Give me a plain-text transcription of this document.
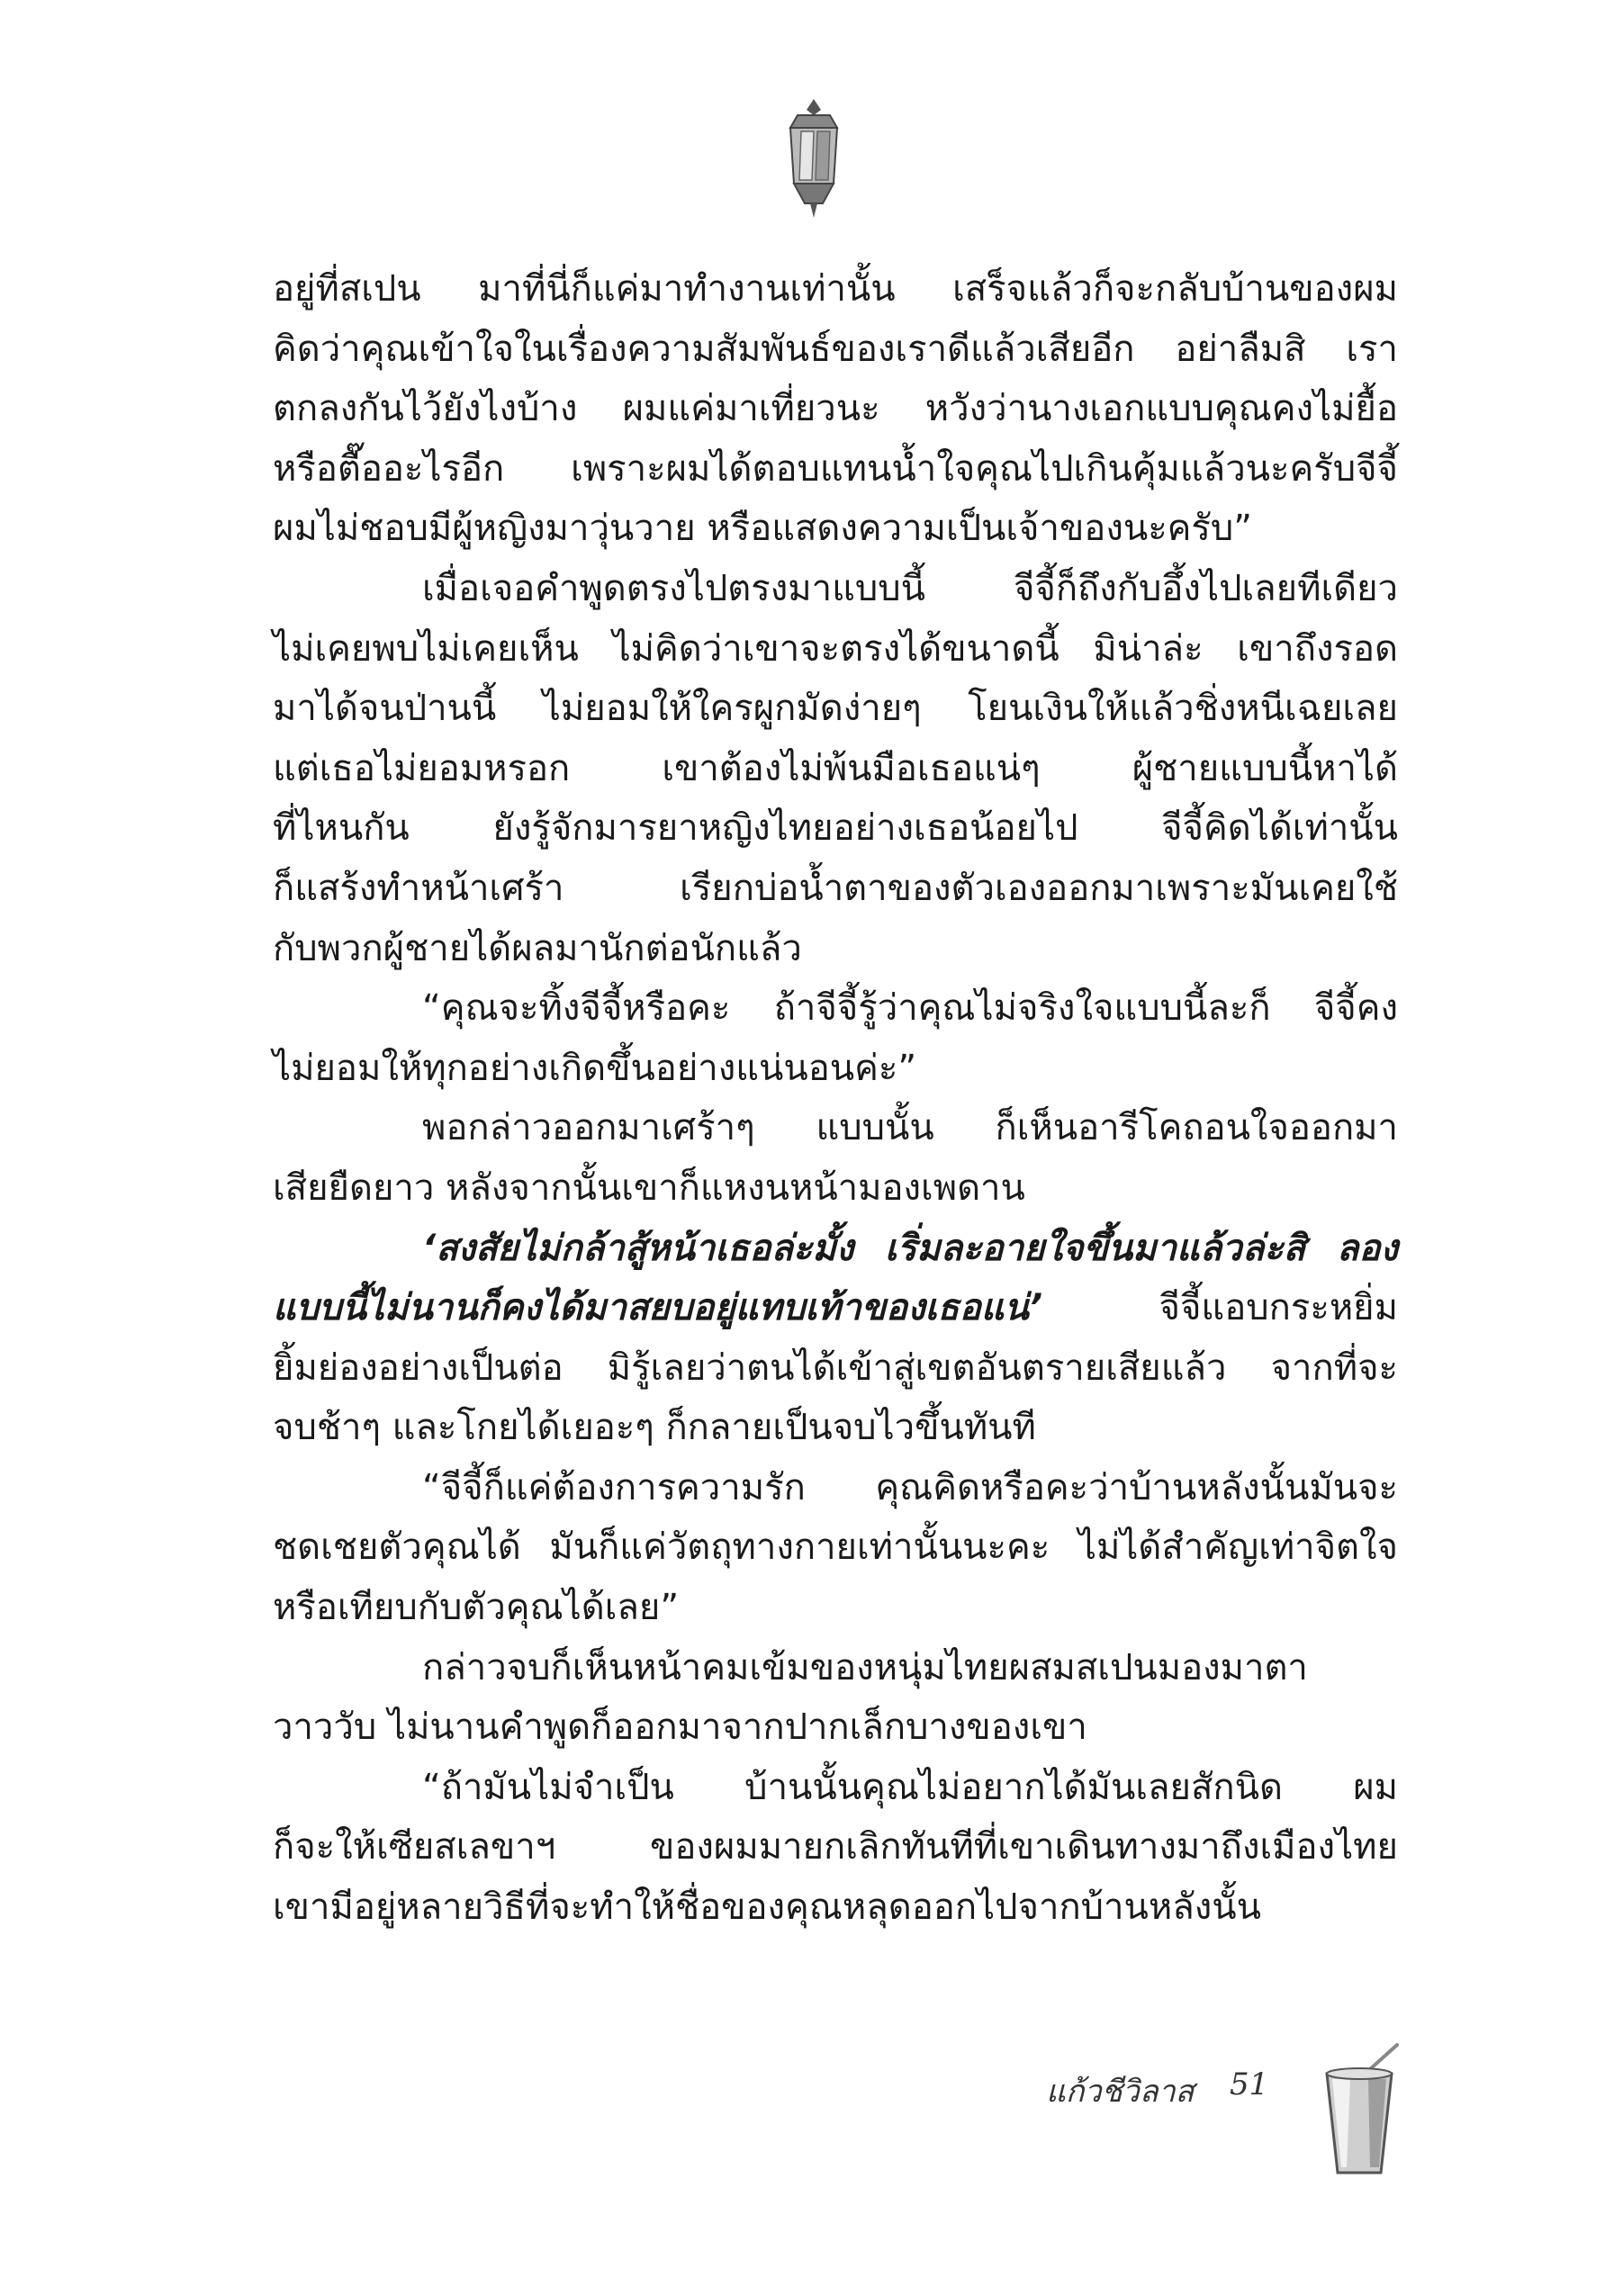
อยู่ที่สเปน มาที่นี่ก็แค่มาทำงานเท่านั้น เสร็จแล้วก็จะกลับบ้านของผม
คิดว่าคุณเข้าใจในเรื่องความสัมพันธ์ของเราดีแล้วเสียอีก อย่าลืมสิ เรา
ตกลงกันไว้ยังไงบ้าง ผมแค่มาเที่ยวนะ หวังว่านางเอกแบบคุณคงไม่ยื้อ
หรือตื๊ออะไรอีก เพราะผมได้ตอบแทนน้ำใจคุณไปเกินคุ้มแล้วนะครับจีจี้
ผมไม่ชอบมีผู้หญิงมาวุ่นวาย หรือแสดงความเป็นเจ้าของนะครับ”
เมื่อเจอคำพูดตรงไปตรงมาแบบนี้ จีจี้ก็ถึงกับอึ้งไปเลยทีเดียว
ไม่เคยพบไม่เคยเห็น ไม่คิดว่าเขาจะตรงได้ขนาดนี้ มิน่าล่ะ เขาถึงรอด
มาได้จนป่านนี้ ไม่ยอมให้ใครผูกมัดง่ายๆ โยนเงินให้แล้วชิ่งหนีเฉยเลย
แต่เธอไม่ยอมหรอก เขาต้องไม่พ้นมือเธอแน่ๆ ผู้ชายแบบนี้หาได้
ที่ไหนกัน ยังรู้จักมารยาหญิงไทยอย่างเธอน้อยไป จีจี้คิดได้เท่านั้น
ก็แสร้งทำหน้าเศร้า เรียกบ่อน้ำตาของตัวเองออกมาเพราะมันเคยใช้
กับพวกผู้ชายได้ผลมานักต่อนักแล้ว
“คุณจะทิ้งจีจี้หรือคะ ถ้าจีจี้รู้ว่าคุณไม่จริงใจแบบนี้ละก็ จีจี้คง
ไม่ยอมให้ทุกอย่างเกิดขึ้นอย่างแน่นอนค่ะ”
พอกล่าวออกมาเศร้าๆ แบบนั้น ก็เห็นอารีโคถอนใจออกมา
เสียยืดยาว หลังจากนั้นเขาก็แหงนหน้ามองเพดาน
‘สงสัยไม่กล้าสู้หน้าเธอล่ะมั้ง เริ่มละอายใจขึ้นมาแล้วล่ะสิ ลอง
แบบนี้ไม่นานก็คงได้มาสยบอยู่แทบเท้าของเธอแน่’ จีจี้แอบกระหยิ่ม
ยิ้มย่องอย่างเป็นต่อ มิรู้เลยว่าตนได้เข้าสู่เขตอันตรายเสียแล้ว จากที่จะ
จบช้าๆ และโกยได้เยอะๆ ก็กลายเป็นจบไวขึ้นทันที
“จีจี้ก็แค่ต้องการความรัก คุณคิดหรือคะว่าบ้านหลังนั้นมันจะ
ชดเชยตัวคุณได้ มันก็แค่วัตถุทางกายเท่านั้นนะคะ ไม่ได้สำคัญเท่าจิตใจ
หรือเทียบกับตัวคุณได้เลย”
กล่าวจบก็เห็นหน้าคมเข้มของหนุ่มไทยผสมสเปนมองมาตา
วาววับ ไม่นานคำพูดก็ออกมาจากปากเล็กบางของเขา
“ถ้ามันไม่จำเป็น บ้านนั้นคุณไม่อยากได้มันเลยสักนิด ผม
ก็จะให้เซียสเลขาฯ ของผมมายกเลิกทันทีที่เขาเดินทางมาถึงเมืองไทย
เขามีอยู่หลายวิธีที่จะทำให้ชื่อของคุณหลุดออกไปจากบ้านหลังนั้น
แก้วชีวิลาส 51
